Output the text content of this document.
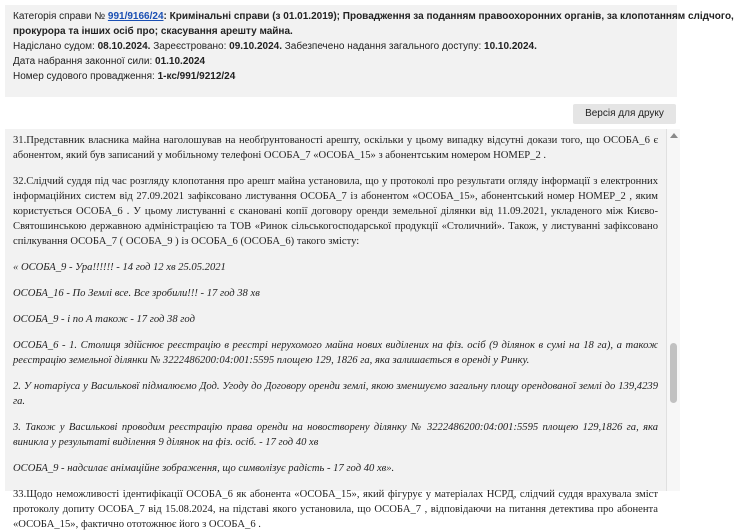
Категорія справи № 991/9166/24: Кримінальні справи (з 01.01.2019); Провадження за поданням правоохоронних органів, за клопотанням слідчого,
прокурора та інших осіб про; скасування арешту майна.
Надіслано судом: 08.10.2024. Зареєстровано: 09.10.2024. Забезпечено надання загального доступу: 10.10.2024.
Дата набрання законної сили: 01.10.2024
Номер судового провадження: 1-кс/991/9212/24
Версія для друку

31.Представник власника майна наголошував на необґрунтованості арешту, оскільки у цьому випадку відсутні докази того, що ОСОБА_6 є абонентом, який був записаний у мобільному телефоні ОСОБА_7 «ОСОБА_15» з абонентським номером НОМЕР_2 .

32.Слідчий суддя під час розгляду клопотання про арешт майна установила, що у протоколі про результати огляду інформації з електронних інформаційних систем від 27.09.2021 зафіксовано листування ОСОБА_7 із абонентом «ОСОБА_15», абонентський номер НОМЕР_2 , яким користується ОСОБА_6 . У цьому листуванні є скановані копії договору оренди земельної ділянки від 11.09.2021, укладеного між Києво-Святошинською державною адміністрацією та ТОВ «Ринок сільськогосподарської продукції «Столичний». Також, у листуванні зафіксовано спілкування ОСОБА_7 ( ОСОБА_9 ) із ОСОБА_6 (ОСОБА_6) такого змісту:

« ОСОБА_9 - Ура!!!!!! - 14 год 12 хв 25.05.2021

ОСОБА_16 - По Землі все. Все зробили!!! - 17 год 38 хв

ОСОБА_9 - і по А також - 17 год 38 год

ОСОБА_6 - 1. Столиця здійснює реєстрацію в реєстрі нерухомого майна нових виділених на фіз. осіб (9 ділянок в сумі на 18 га), а також реєстрацію земельної ділянки № 3222486200:04:001:5595 площею 129, 1826 га, яка залишається в оренді у Ринку.

2. У нотаріуса у Васильковї підмалюємо Дод. Угоду до Договору оренди землі, якою зменшуємо загальну площу орендованої землі до 139,4239 га.

3. Також у Василькові проводим реєстрацію права оренди на новостворену ділянку № 3222486200:04:001:5595 площею 129,1826 га, яка виникла у результаті виділення 9 ділянок на фіз. осіб. - 17 год 40 хв

ОСОБА_9 - надсилає анімаційне зображення, що символізує радість - 17 год 40 хв».

33.Щодо неможливості ідентифікації ОСОБА_6 як абонента «ОСОБА_15», який фігурує у матеріалах НСРД, слідчий суддя врахувала зміст протоколу допиту ОСОБА_7 від 15.08.2024, на підставі якого установила, що ОСОБА_7 , відповідаючи на питання детектива про абонента «ОСОБА_15», фактично ототожнює його з ОСОБА_6 .
